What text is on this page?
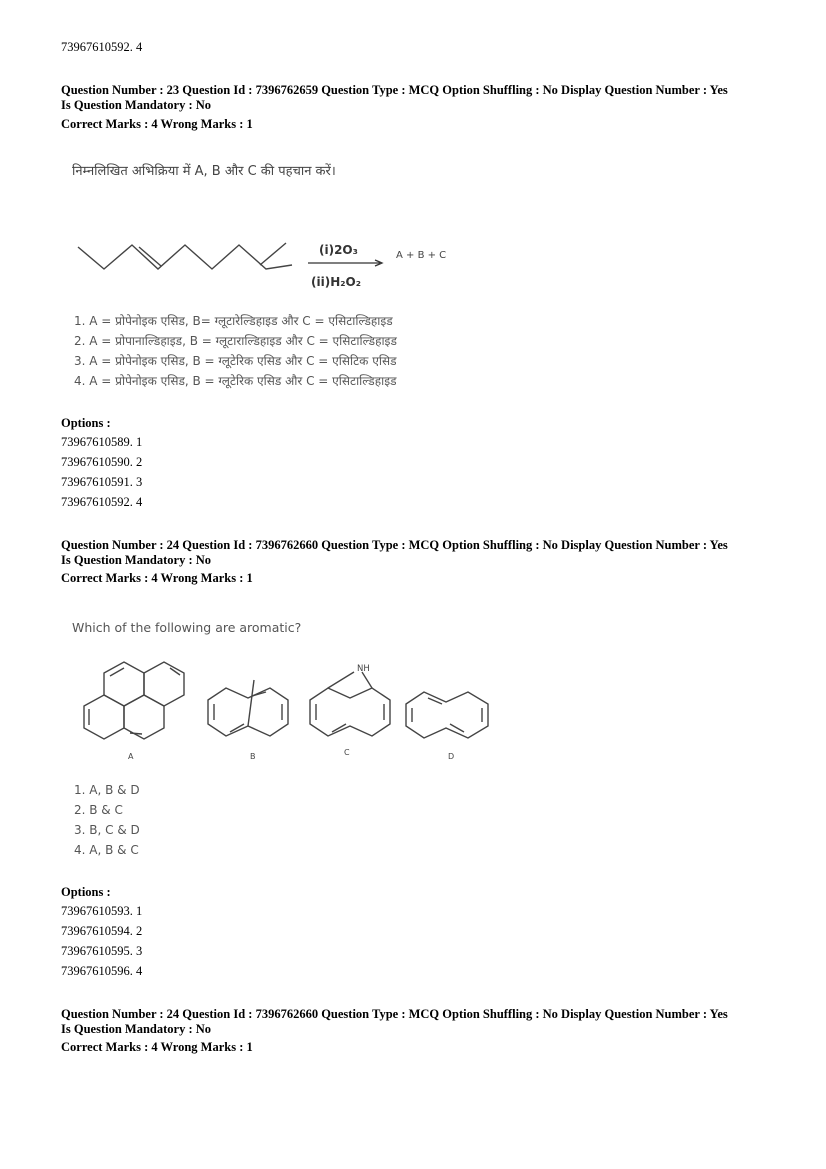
73967610592. 4
Question Number : 23 Question Id : 7396762659 Question Type : MCQ Option Shuffling : No Display Question Number : Yes
Is Question Mandatory : No
Correct Marks : 4 Wrong Marks : 1
निम्नलिखित अभिक्रिया में A, B और C की पहचान करें।
(i)2O₃
(ii)H₂O₂
A + B + C
1. A = प्रोपेनोइक एसिड, B= ग्लूटारेल्डिहाइड और C = एसिटाल्डिहाइड
2. A = प्रोपानाल्डिहाइड, B = ग्लूटाराल्डिहाइड और C = एसिटाल्डिहाइड
3. A = प्रोपेनोइक एसिड, B = ग्लूटेरिक एसिड और C = एसिटिक एसिड
4. A = प्रोपेनोइक एसिड, B = ग्लूटेरिक एसिड और C = एसिटाल्डिहाइड
Options :
73967610589. 1
73967610590. 2
73967610591. 3
73967610592. 4
Question Number : 24 Question Id : 7396762660 Question Type : MCQ Option Shuffling : No Display Question Number : Yes
Is Question Mandatory : No
Correct Marks : 4 Wrong Marks : 1
Which of the following are aromatic?
NH
A	B	C	D
1. A, B & D
2. B & C
3. B, C & D
4. A, B & C
Options :
73967610593. 1
73967610594. 2
73967610595. 3
73967610596. 4
Question Number : 24 Question Id : 7396762660 Question Type : MCQ Option Shuffling : No Display Question Number : Yes
Is Question Mandatory : No
Correct Marks : 4 Wrong Marks : 1
